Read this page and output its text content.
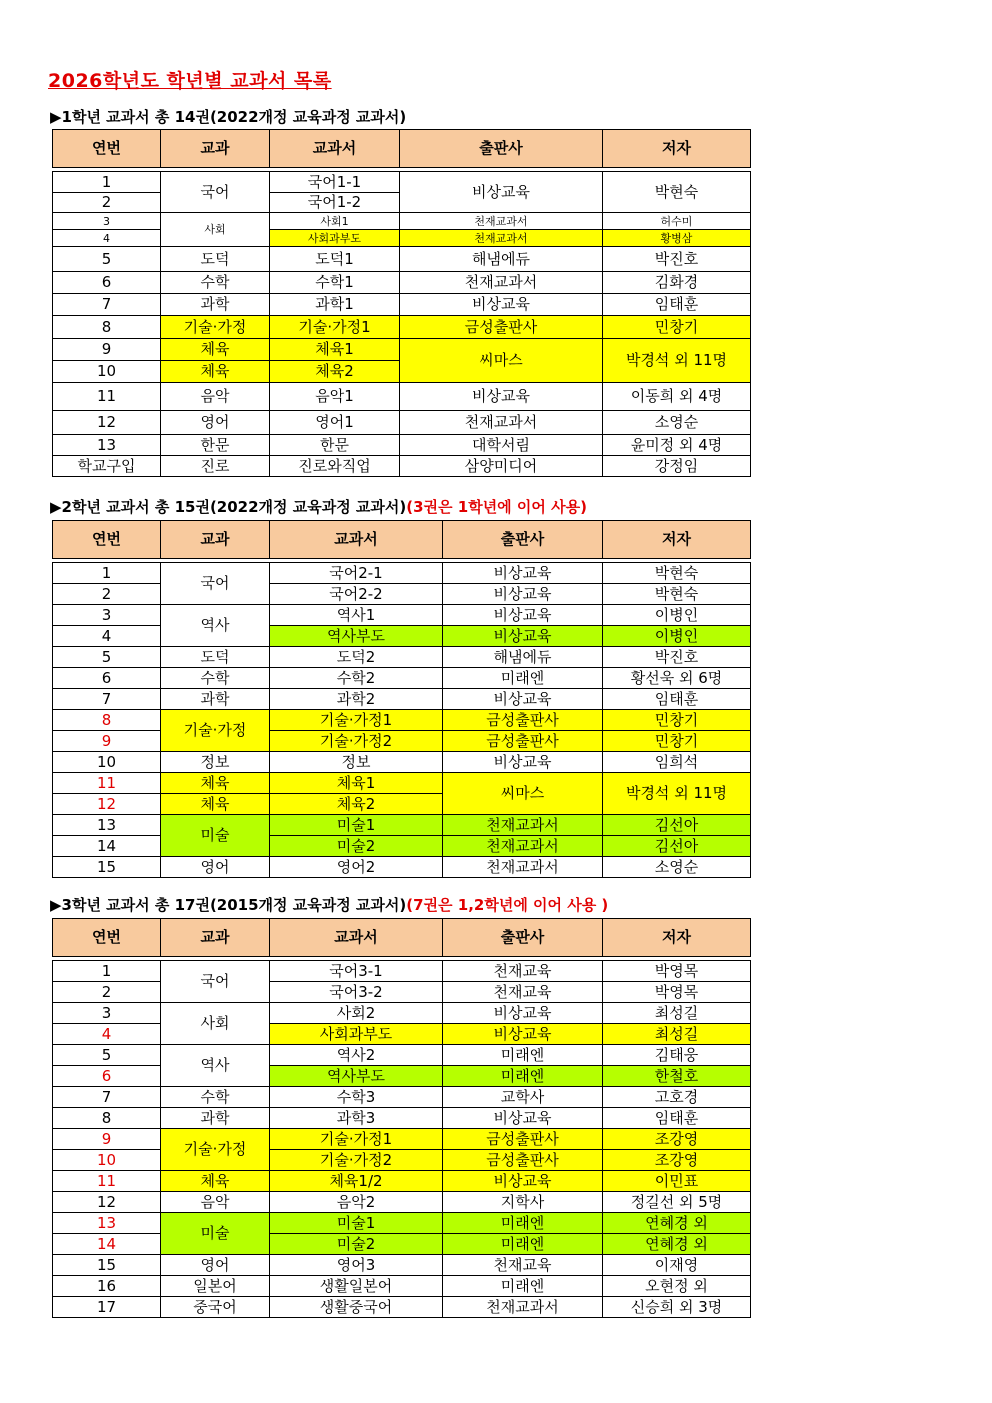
2026학년도 학년별 교과서 목록
▶1학년 교과서 총 14권(2022개정 교육과정 교과서)
연번	교과	교과서	출판사	저자

1	국어	국어1-1	비상교육	박현숙
2		국어1-2		
3	사회	사회1	천재교과서	허수미
4		사회과부도	천재교과서	황병삼
5	도덕	도덕1	해냄에듀	박진호
6	수학	수학1	천재교과서	김화경
7	과학	과학1	비상교육	임태훈
8	기술·가정	기술·가정1	금성출판사	민창기
9	체육	체육1	씨마스	박경석 외 11명
10	체육	체육2		
11	음악	음악1	비상교육	이동희 외 4명
12	영어	영어1	천재교과서	소영순
13	한문	한문	대학서림	윤미정 외 4명
학교구입	진로	진로와직업	삼양미디어	강정임
▶2학년 교과서 총 15권(2022개정 교육과정 교과서)(3권은 1학년에 이어 사용)
연번	교과	교과서	출판사	저자

1	국어	국어2-1	비상교육	박현숙
2		국어2-2	비상교육	박현숙
3	역사	역사1	비상교육	이병인
4		역사부도	비상교육	이병인
5	도덕	도덕2	해냄에듀	박진호
6	수학	수학2	미래엔	황선욱 외 6명
7	과학	과학2	비상교육	임태훈
8	기술·가정	기술·가정1	금성출판사	민창기
9		기술·가정2	금성출판사	민창기
10	정보	정보	비상교육	임희석
11	체육	체육1	씨마스	박경석 외 11명
12	체육	체육2		
13	미술	미술1	천재교과서	김선아
14		미술2	천재교과서	김선아
15	영어	영어2	천재교과서	소영순
▶3학년 교과서 총 17권(2015개정 교육과정 교과서)(7권은 1,2학년에 이어 사용 )
연번	교과	교과서	출판사	저자

1	국어	국어3-1	천재교육	박영목
2		국어3-2	천재교육	박영목
3	사회	사회2	비상교육	최성길
4		사회과부도	비상교육	최성길
5	역사	역사2	미래엔	김태웅
6		역사부도	미래엔	한철호
7	수학	수학3	교학사	고호경
8	과학	과학3	비상교육	임태훈
9	기술·가정	기술·가정1	금성출판사	조강영
10		기술·가정2	금성출판사	조강영
11	체육	체육1/2	비상교육	이민표
12	음악	음악2	지학사	정길선 외 5명
13	미술	미술1	미래엔	연혜경 외
14		미술2	미래엔	연혜경 외
15	영어	영어3	천재교육	이재영
16	일본어	생활일본어	미래엔	오현정 외
17	중국어	생활중국어	천재교과서	신승희 외 3명
